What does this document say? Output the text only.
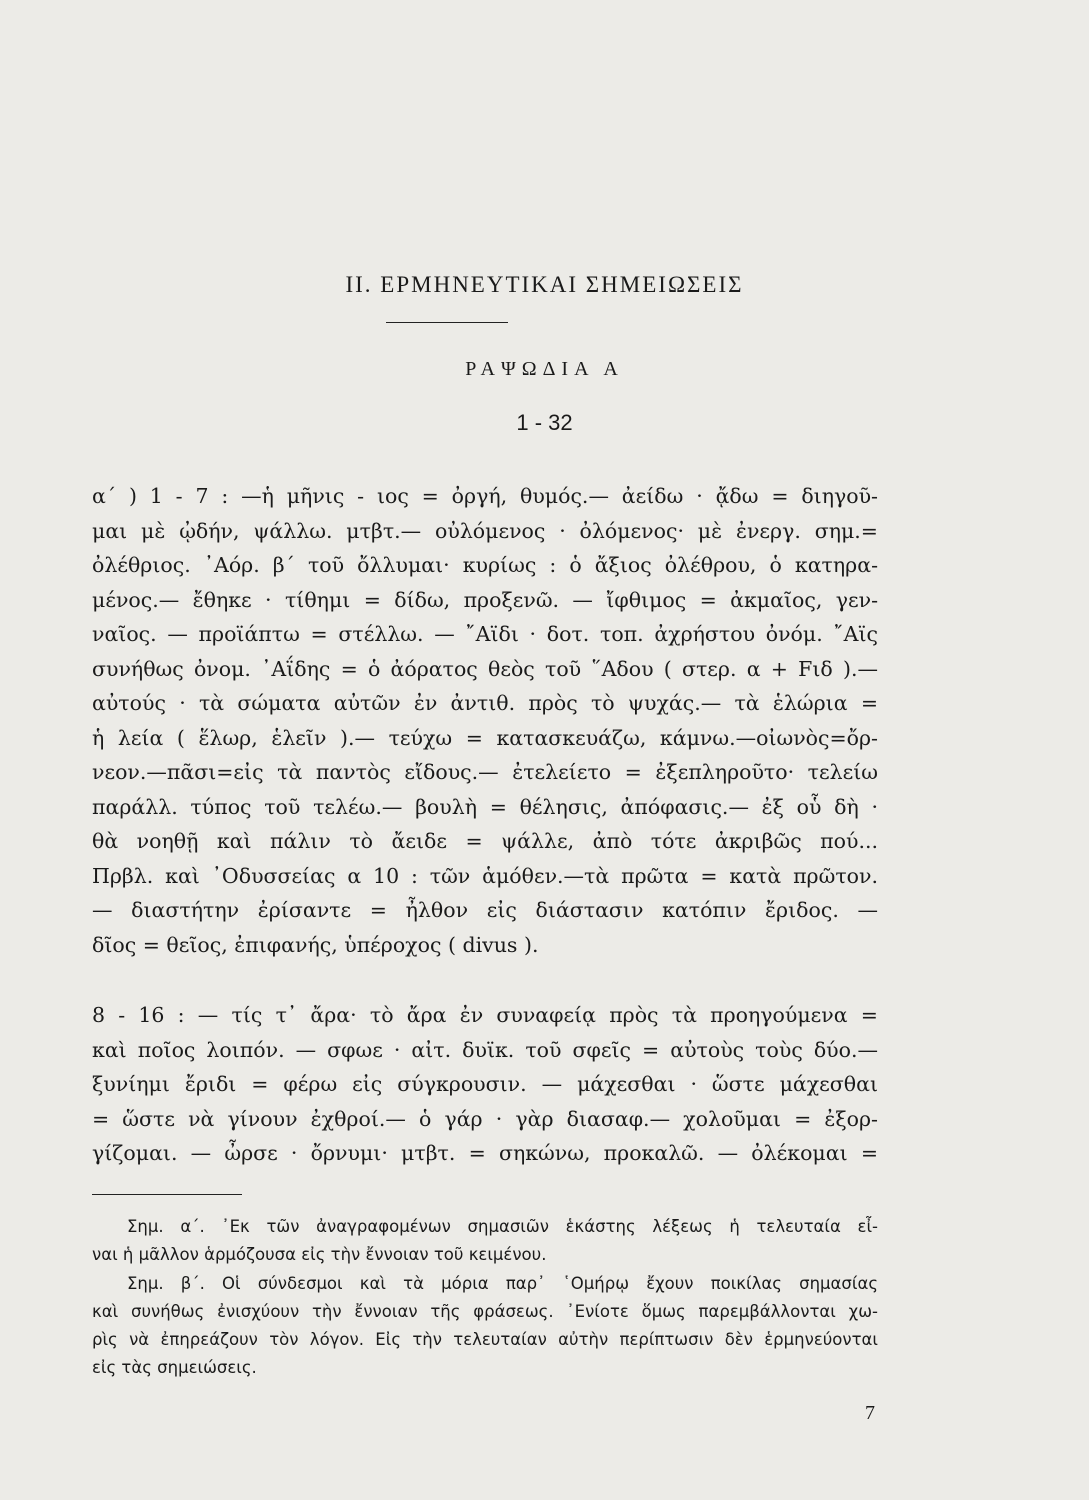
II. ΕΡΜΗΝΕΥΤΙΚΑΙ ΣΗΜΕΙΩΣΕΙΣ
ΡΑΨΩΔΙΑ Α
1 - 32
α΄ ) 1 - 7 : —ἡ μῆνις - ιος = ὀργή, θυμός.— ἀείδω · ᾄδω = διηγοῦ-
μαι μὲ ᾠδήν, ψάλλω. μτβτ.— οὐλόμενος · ὀλόμενος· μὲ ἐνεργ. σημ.=
ὀλέθριος. ᾽Αόρ. β΄ τοῦ ὄλλυμαι· κυρίως : ὁ ἄξιος ὀλέθρου, ὁ κατηρα-
μένος.— ἔθηκε · τίθημι = δίδω, προξενῶ. — ἴφθιμος = ἀκμαῖος, γεν-
ναῖος. — προϊάπτω = στέλλω. — ῎Αϊδι · δοτ. τοπ. ἀχρήστου ὀνόμ. ῎Αϊς
συνήθως ὀνομ. ᾽Αΐδης = ὁ ἀόρατος θεὸς τοῦ ῞Αδου ( στερ. α + Fιδ ).—
αὐτούς · τὰ σώματα αὐτῶν ἐν ἀντιθ. πρὸς τὸ ψυχάς.— τὰ ἑλώρια =
ἡ λεία ( ἕλωρ, ἑλεῖν ).— τεύχω = κατασκευάζω, κάμνω.—οἰωνὸς=ὄρ-
νεον.—πᾶσι=εἰς τὰ παντὸς εἴδους.— ἐτελείετο = ἐξεπληροῦτο· τελείω
παράλλ. τύπος τοῦ τελέω.— βουλὴ = θέλησις, ἀπόφασις.— ἐξ οὗ δὴ ·
θὰ νοηθῇ καὶ πάλιν τὸ ἄειδε = ψάλλε, ἀπὸ τότε ἀκριβῶς πού...
Πρβλ. καὶ ᾽Οδυσσείας α 10 : τῶν ἁμόθεν.—τὰ πρῶτα = κατὰ πρῶτον.
— διαστήτην ἐρίσαντε = ἦλθον εἰς διάστασιν κατόπιν ἔριδος. —
δῖος = θεῖος, ἐπιφανής, ὑπέροχος ( divus ).
8 - 16 : — τίς τ᾽ ἄρα· τὸ ἄρα ἐν συναφείᾳ πρὸς τὰ προηγούμενα =
καὶ ποῖος λοιπόν. — σφωε · αἰτ. δυϊκ. τοῦ σφεῖς = αὐτοὺς τοὺς δύο.—
ξυνίημι ἔριδι = φέρω εἰς σύγκρουσιν. — μάχεσθαι · ὥστε μάχεσθαι
= ὥστε νὰ γίνουν ἐχθροί.— ὁ γάρ · γὰρ διασαφ.— χολοῦμαι = ἐξορ-
γίζομαι. — ὦρσε · ὄρνυμι· μτβτ. = σηκώνω, προκαλῶ. — ὀλέκομαι =
Σημ. α΄. ᾽Εκ τῶν ἀναγραφομένων σημασιῶν ἑκάστης λέξεως ἡ τελευταία εἶ-
ναι ἡ μᾶλλον ἁρμόζουσα εἰς τὴν ἔννοιαν τοῦ κειμένου.
Σημ. β΄. Οἱ σύνδεσμοι καὶ τὰ μόρια παρ᾽ ῾Ομήρῳ ἔχουν ποικίλας σημασίας
καὶ συνήθως ἐνισχύουν τὴν ἔννοιαν τῆς φράσεως. ᾽Ενίοτε ὅμως παρεμβάλλονται χω-
ρὶς νὰ ἐπηρεάζουν τὸν λόγον. Εἰς τὴν τελευταίαν αὐτὴν περίπτωσιν δὲν ἑρμηνεύονται
εἰς τὰς σημειώσεις.
7
